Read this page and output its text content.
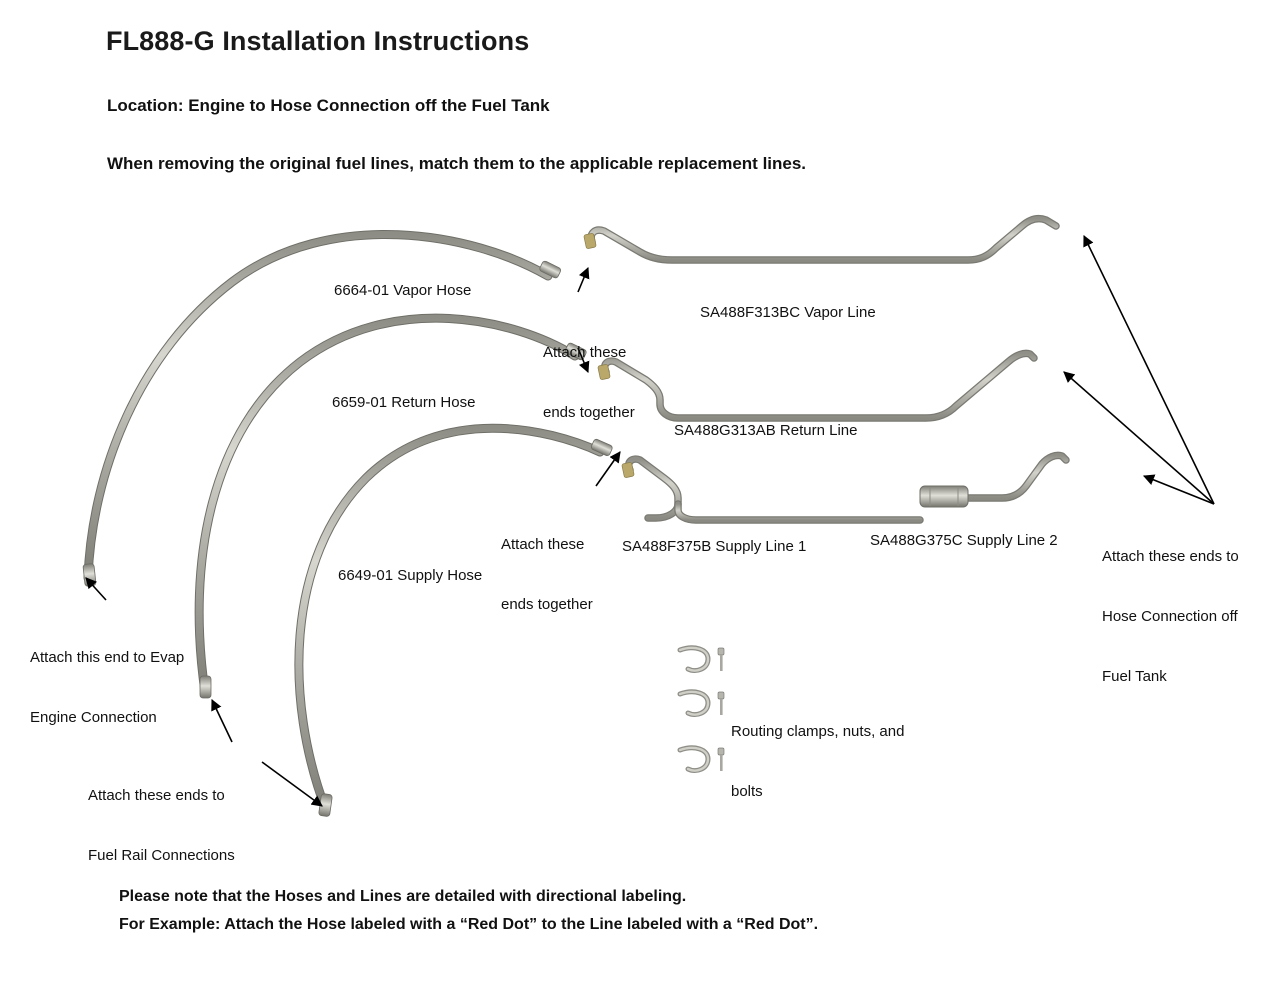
FL888-G Installation Instructions
Location: Engine to Hose Connection off the Fuel Tank
When removing the original fuel lines, match them to the applicable replacement lines.
6664-01 Vapor Hose
6659-01 Return Hose
6649-01 Supply Hose
SA488F313BC Vapor Line
SA488G313AB Return Line
SA488F375B Supply Line 1	SA488G375C Supply Line 2

Attach these

ends together

Attach these

ends together

Attach this end to Evap

Engine Connection

Attach these ends to

Fuel Rail Connections

Attach these ends to

Hose Connection off

Fuel Tank

Routing clamps, nuts, and

bolts

Please note that the Hoses and Lines are detailed with directional labeling.
For Example: Attach the Hose labeled with a “Red Dot” to the Line labeled with a “Red Dot”.
